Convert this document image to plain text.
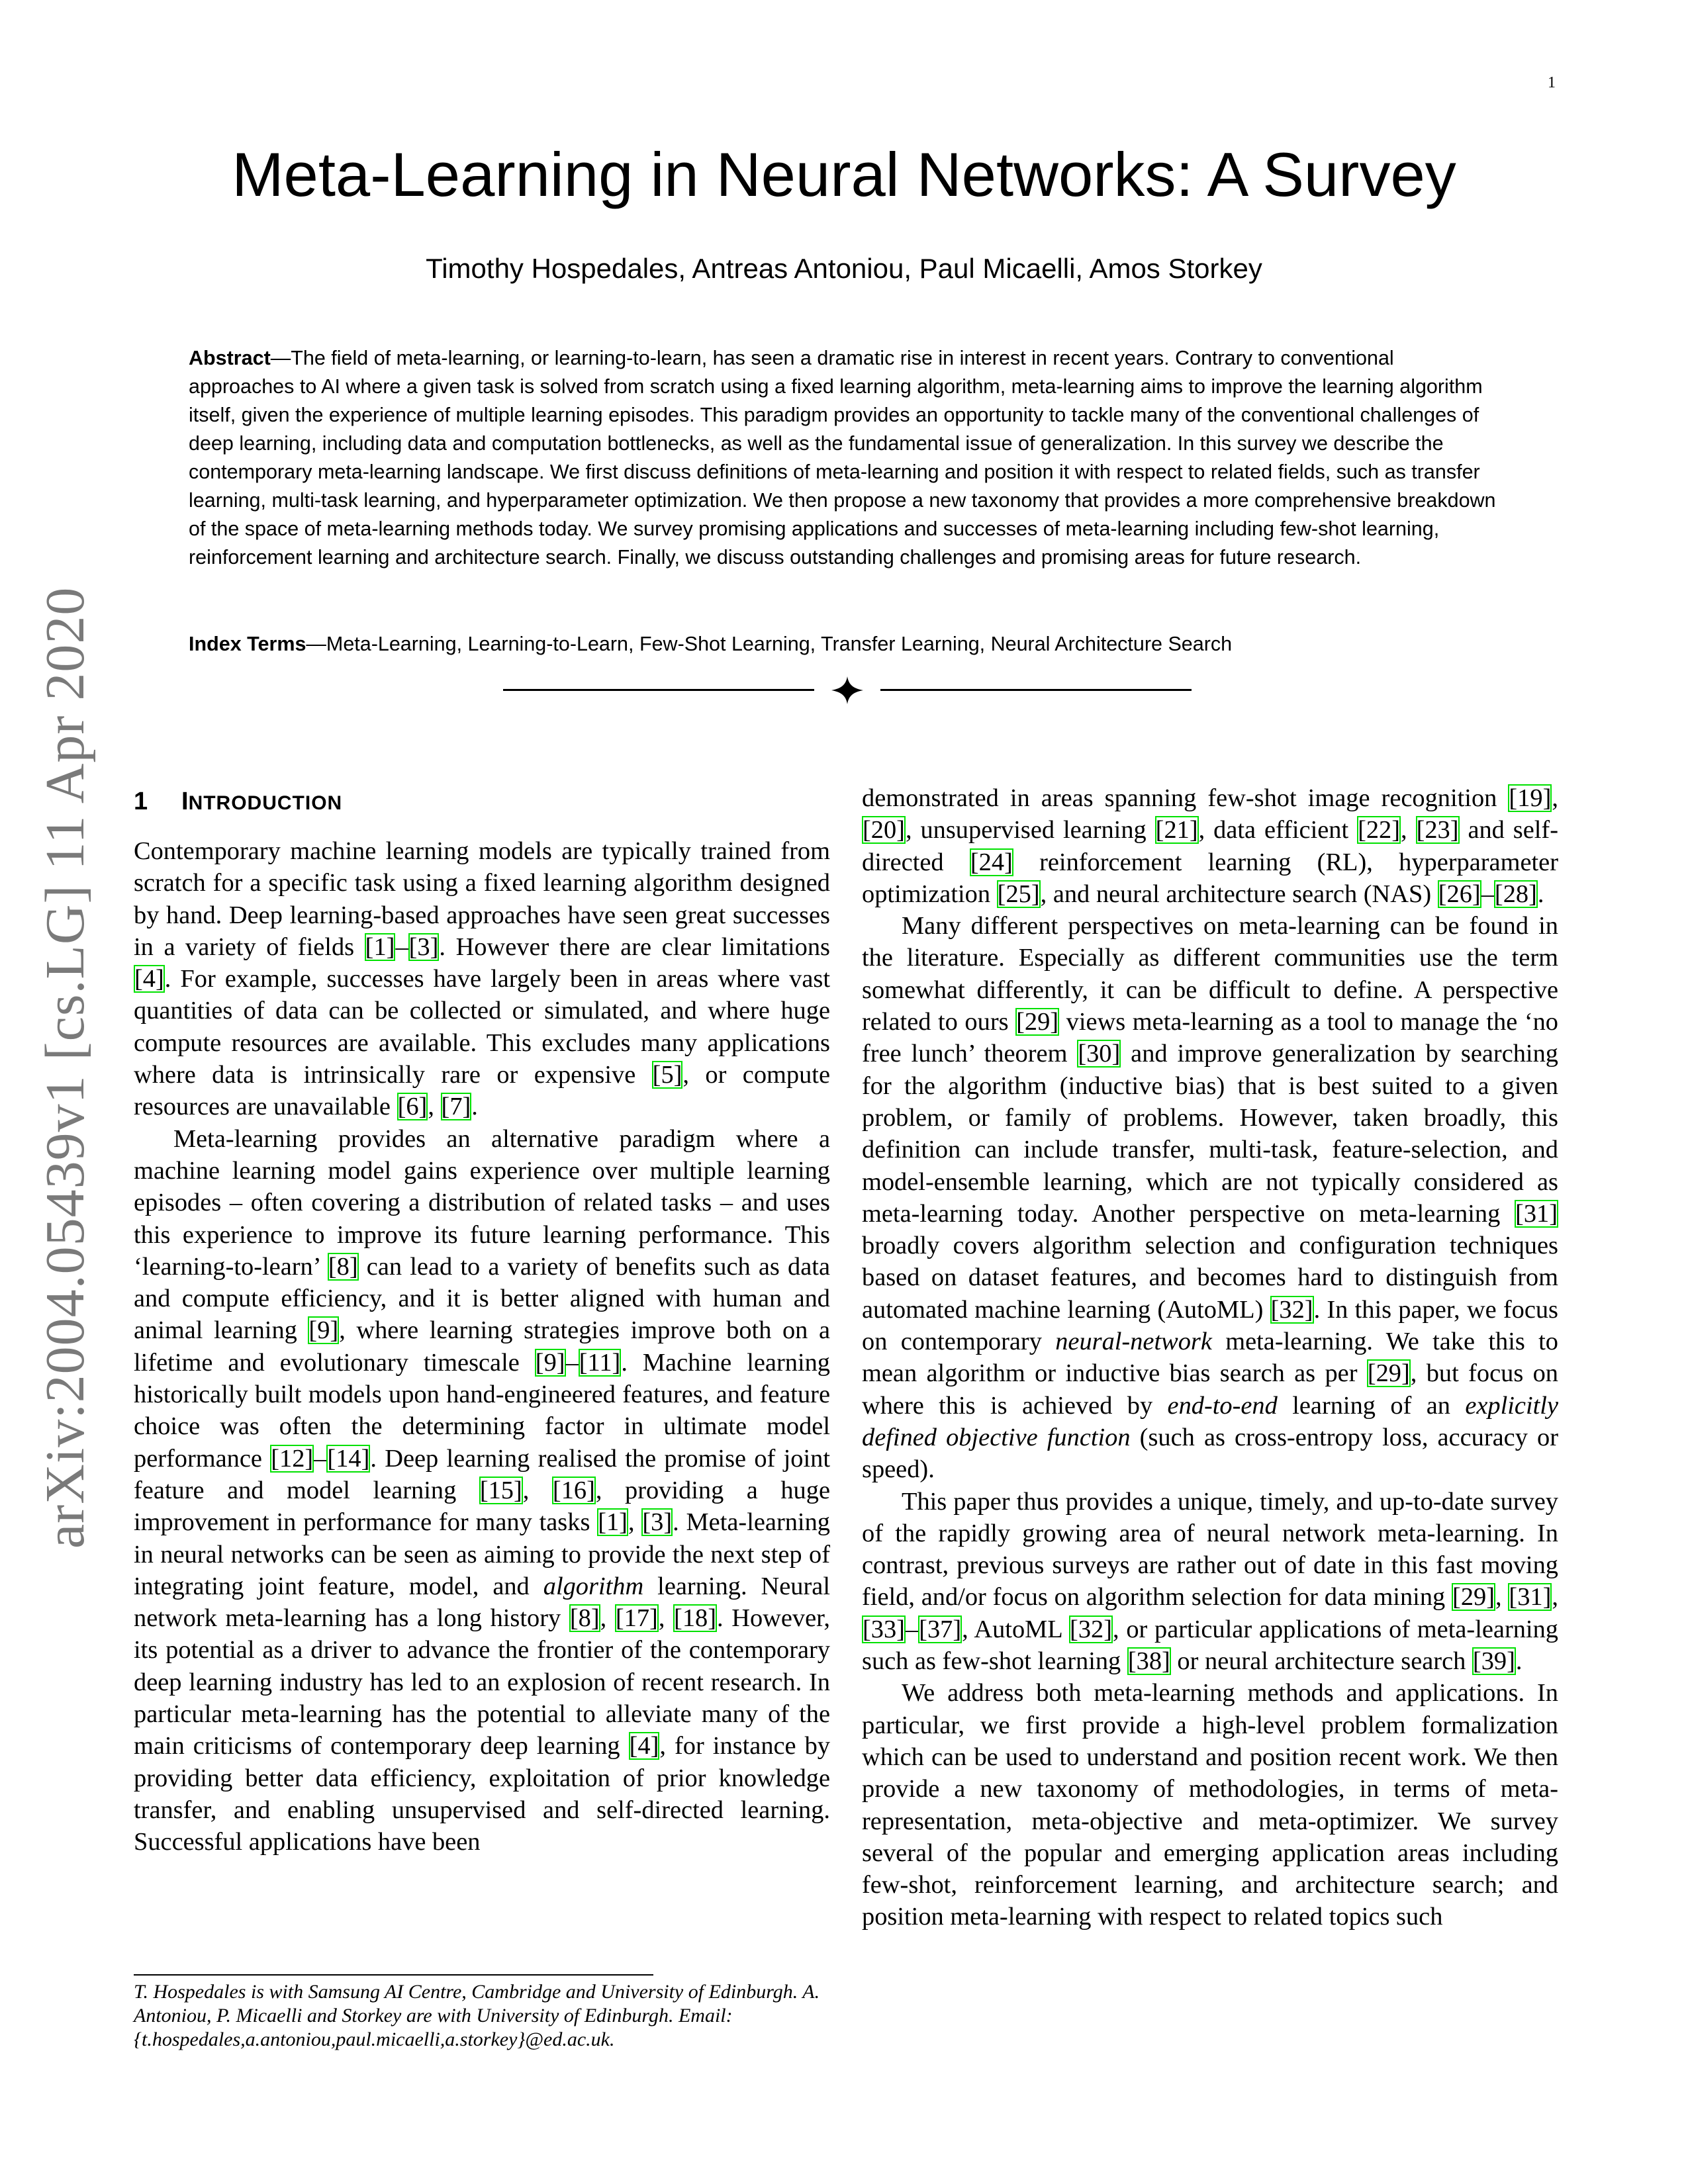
1
Meta-Learning in Neural Networks: A Survey
Timothy Hospedales, Antreas Antoniou, Paul Micaelli, Amos Storkey
Abstract—The field of meta-learning, or learning-to-learn, has seen a dramatic rise in interest in recent years. Contrary to conventional approaches to AI where a given task is solved from scratch using a fixed learning algorithm, meta-learning aims to improve the learning algorithm itself, given the experience of multiple learning episodes. This paradigm provides an opportunity to tackle many of the conventional challenges of deep learning, including data and computation bottlenecks, as well as the fundamental issue of generalization. In this survey we describe the contemporary meta-learning landscape. We first discuss definitions of meta-learning and position it with respect to related fields, such as transfer learning, multi-task learning, and hyperparameter optimization. We then propose a new taxonomy that provides a more comprehensive breakdown of the space of meta-learning methods today. We survey promising applications and successes of meta-learning including few-shot learning, reinforcement learning and architecture search. Finally, we discuss outstanding challenges and promising areas for future research.
Index Terms—Meta-Learning, Learning-to-Learn, Few-Shot Learning, Transfer Learning, Neural Architecture Search
1 INTRODUCTION

Contemporary machine learning models are typically trained from scratch for a specific task using a fixed learning algorithm designed by hand. Deep learning-based approaches have seen great successes in a variety of fields [1]–[3]. However there are clear limitations [4]. For example, successes have largely been in areas where vast quantities of data can be collected or simulated, and where huge compute resources are available. This excludes many applications where data is intrinsically rare or expensive [5], or compute resources are unavailable [6], [7].

Meta-learning provides an alternative paradigm where a machine learning model gains experience over multiple learning episodes – often covering a distribution of related tasks – and uses this experience to improve its future learning performance. This ‘learning-to-learn’ [8] can lead to a variety of benefits such as data and compute efficiency, and it is better aligned with human and animal learning [9], where learning strategies improve both on a lifetime and evolutionary timescale [9]–[11]. Machine learning historically built models upon hand-engineered features, and feature choice was often the determining factor in ultimate model performance [12]–[14]. Deep learning realised the promise of joint feature and model learning [15], [16], providing a huge improvement in performance for many tasks [1], [3]. Meta-learning in neural networks can be seen as aiming to provide the next step of integrating joint feature, model, and algorithm learning. Neural network meta-learning has a long history [8], [17], [18]. However, its potential as a driver to advance the frontier of the contemporary deep learning industry has led to an explosion of recent research. In particular meta-learning has the potential to alleviate many of the main criticisms of contemporary deep learning [4], for instance by providing better data efficiency, exploitation of prior knowledge transfer, and enabling unsupervised and self-directed learning. Successful applications have been

demonstrated in areas spanning few-shot image recognition [19], [20], unsupervised learning [21], data efficient [22], [23] and self-directed [24] reinforcement learning (RL), hyperparameter optimization [25], and neural architecture search (NAS) [26]–[28].

Many different perspectives on meta-learning can be found in the literature. Especially as different communities use the term somewhat differently, it can be difficult to define. A perspective related to ours [29] views meta-learning as a tool to manage the ‘no free lunch’ theorem [30] and improve generalization by searching for the algorithm (inductive bias) that is best suited to a given problem, or family of problems. However, taken broadly, this definition can include transfer, multi-task, feature-selection, and model-ensemble learning, which are not typically considered as meta-learning today. Another perspective on meta-learning [31] broadly covers algorithm selection and configuration techniques based on dataset features, and becomes hard to distinguish from automated machine learning (AutoML) [32]. In this paper, we focus on contemporary neural-network meta-learning. We take this to mean algorithm or inductive bias search as per [29], but focus on where this is achieved by end-to-end learning of an explicitly defined objective function (such as cross-entropy loss, accuracy or speed).

This paper thus provides a unique, timely, and up-to-date survey of the rapidly growing area of neural network meta-learning. In contrast, previous surveys are rather out of date in this fast moving field, and/or focus on algorithm selection for data mining [29], [31], [33]–[37], AutoML [32], or particular applications of meta-learning such as few-shot learning [38] or neural architecture search [39].

We address both meta-learning methods and applications. In particular, we first provide a high-level problem formalization which can be used to understand and position recent work. We then provide a new taxonomy of methodologies, in terms of meta-representation, meta-objective and meta-optimizer. We survey several of the popular and emerging application areas including few-shot, reinforcement learning, and architecture search; and position meta-learning with respect to related topics such

T. Hospedales is with Samsung AI Centre, Cambridge and University of Edinburgh. A. Antoniou, P. Micaelli and Storkey are with University of Edinburgh. Email: {t.hospedales,a.antoniou,paul.micaelli,a.storkey}@ed.ac.uk.
arXiv:2004.05439v1 [cs.LG] 11 Apr 2020
